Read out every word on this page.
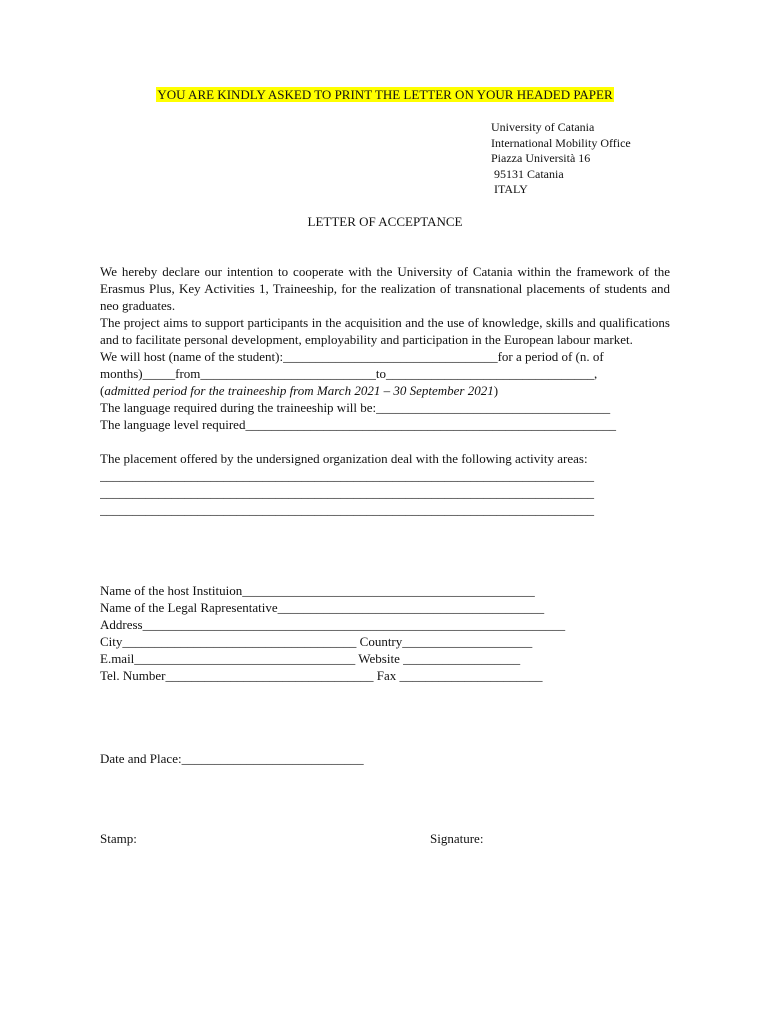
YOU ARE KINDLY ASKED TO PRINT THE LETTER ON YOUR HEADED PAPER
University of Catania
International Mobility Office
Piazza Università 16
95131 Catania
ITALY
LETTER OF ACCEPTANCE
We hereby declare our intention to cooperate with the University of Catania within the framework of the Erasmus Plus, Key Activities 1, Traineeship, for the realization of transnational placements of students and neo graduates.
The project aims to support participants in the acquisition and the use of knowledge, skills and qualifications and to facilitate personal development, employability and participation in the European labour market.
We will host (name of the student):_________________________________for a period of (n. of
months)_____from___________________________to________________________________,
(admitted period for the traineeship from March 2021 – 30 September 2021)
The language required during the traineeship will be:____________________________________
The language level required_________________________________________________________
The placement offered by the undersigned organization deal with the following activity areas:
____________________________________________________________________________
____________________________________________________________________________
____________________________________________________________________________
Name of the host Instituion_____________________________________________
Name of the Legal Rapresentative_________________________________________
Address_________________________________________________________________
City____________________________________ Country____________________
E.mail__________________________________ Website __________________
Tel. Number________________________________ Fax ______________________
Date and Place:____________________________
Stamp:	Signature:
